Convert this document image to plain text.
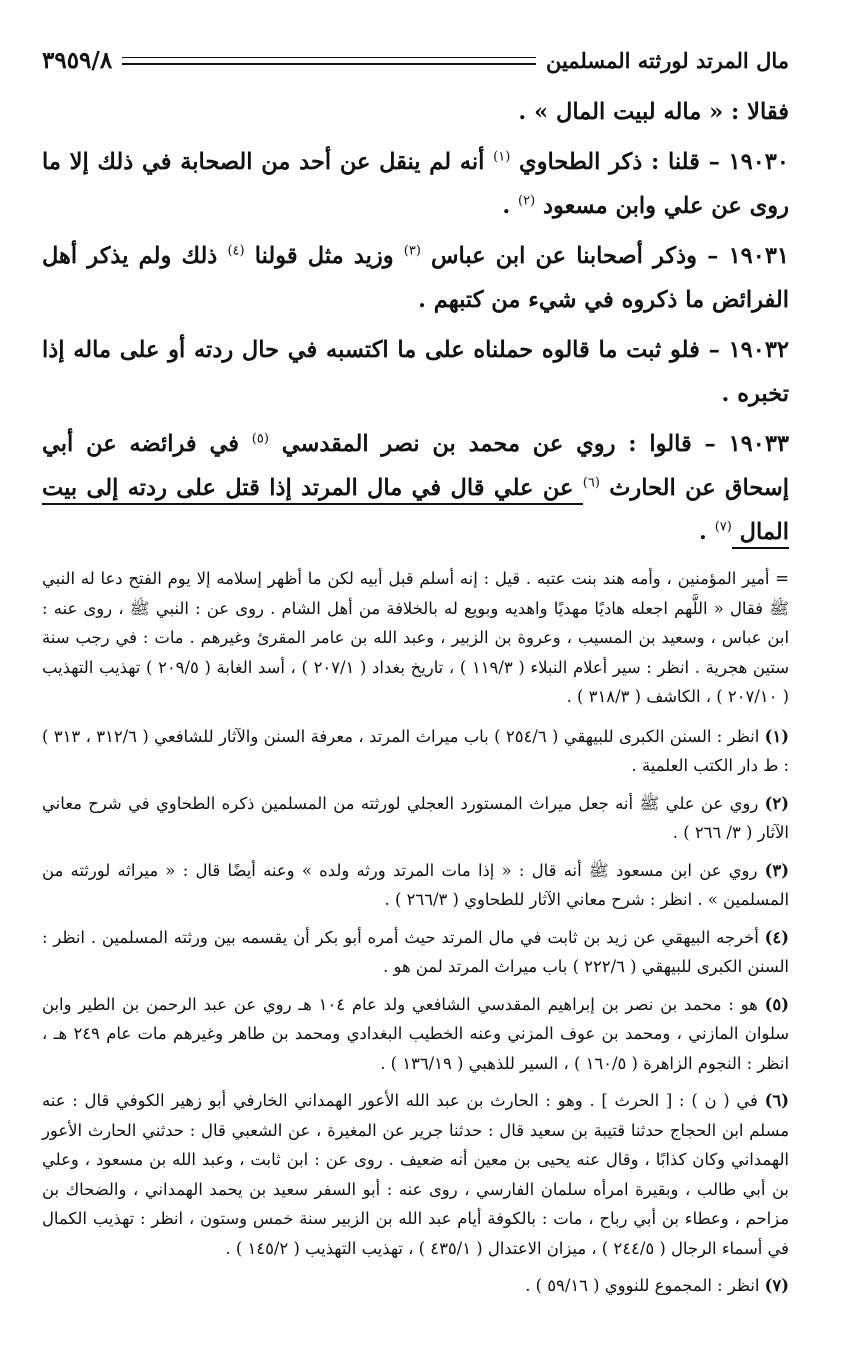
مال المرتد لورثته المسلمين
٣٩٥٩/٨

فقالا : « ماله لبيت المال » .

١٩٠٣٠ – قلنا : ذكر الطحاوي $^{(١)}$ أنه لم ينقل عن أحد من الصحابة في ذلك إلا ما روى عن علي وابن مسعود $^{(٢)}$ .

١٩٠٣١ – وذكر أصحابنا عن ابن عباس $^{(٣)}$ وزيد مثل قولنا $^{(٤)}$ ذلك ولم يذكر أهل الفرائض ما ذكروه في شيء من كتبهم .

١٩٠٣٢ – فلو ثبت ما قالوه حملناه على ما اكتسبه في حال ردته أو على ماله إذا تخبره .

١٩٠٣٣ – قالوا : روي عن محمد بن نصر المقدسي $^{(٥)}$ في فرائضه عن أبي إسحاق عن الحارث $^{(٦)}$ عن علي قال في مال المرتد إذا قتل على ردته إلى بيت المال $^{(٧)}$ .

= أمير المؤمنين ، وأمه هند بنت عتبه . قيل : إنه أسلم قبل أبيه لكن ما أظهر إسلامه إلا يوم الفتح دعا له النبي ﷺ فقال « اللَّهم اجعله هاديًا مهديًا واهديه وبويع له بالخلافة من أهل الشام . روى عن : النبي ﷺ ، روى عنه : ابن عباس ، وسعيد بن المسيب ، وعروة بن الزبير ، وعبد الله بن عامر المقرئ وغيرهم . مات : في رجب سنة ستين هجرية . انظر : سير أعلام النبلاء ( ١١٩/٣ ) ، تاريخ بغداد ( ٢٠٧/١ ) ، أسد الغابة ( ٢٠٩/٥ ) تهذيب التهذيب ( ٢٠٧/١٠ ) ، الكاشف ( ٣١٨/٣ ) .

(١) انظر : السنن الكبرى للبيهقي ( ٢٥٤/٦ ) باب ميراث المرتد ، معرفة السنن والآثار للشافعي ( ٣١٢/٦ ، ٣١٣ ) : ط دار الكتب العلمية .

(٢) روي عن علي ﷺ أنه جعل ميراث المستورد العجلي لورثته من المسلمين ذكره الطحاوي في شرح معاني الآثار ( ٣/ ٢٦٦ ) .

(٣) روي عن ابن مسعود ﷺ أنه قال : « إذا مات المرتد ورثه ولده » وعنه أيضًا قال : « ميراثه لورثته من المسلمين » . انظر : شرح معاني الآثار للطحاوي ( ٢٦٦/٣ ) .

(٤) أخرجه البيهقي عن زيد بن ثابت في مال المرتد حيث أمره أبو بكر أن يقسمه بين ورثته المسلمين . انظر : السنن الكبرى للبيهقي ( ٢٢٢/٦ ) باب ميراث المرتد لمن هو .

(٥) هو : محمد بن نصر بن إبراهيم المقدسي الشافعي ولد عام ١٠٤ هـ روي عن عبد الرحمن بن الطير وابن سلوان المازني ، ومحمد بن عوف المزني وعنه الخطيب البغدادي ومحمد بن طاهر وغيرهم مات عام ٢٤٩ هـ ، انظر : النجوم الزاهرة ( ١٦٠/٥ ) ، السير للذهبي ( ١٣٦/١٩ ) .

(٦) في ( ن ) : [ الحرث ] . وهو : الحارث بن عبد الله الأعور الهمداني الخارفي أبو زهير الكوفي قال : عنه مسلم ابن الحجاج حدثنا قتيبة بن سعيد قال : حدثنا جرير عن المغيرة ، عن الشعبي قال : حدثني الحارث الأعور الهمداني وكان كذابًا ، وقال عنه يحيى بن معين أنه ضعيف . روى عن : ابن ثابت ، وعبد الله بن مسعود ، وعلي بن أبي طالب ، وبقيرة امرأه سلمان الفارسي ، روى عنه : أبو السفر سعيد بن يحمد الهمداني ، والضحاك بن مزاحم ، وعطاء بن أبي رباح ، مات : بالكوفة أيام عبد الله بن الزبير سنة خمس وستون ، انظر : تهذيب الكمال في أسماء الرجال ( ٢٤٤/٥ ) ، ميزان الاعتدال ( ٤٣٥/١ ) ، تهذيب التهذيب ( ١٤٥/٢ ) .

(٧) انظر : المجموع للنووي ( ٥٩/١٦ ) .
